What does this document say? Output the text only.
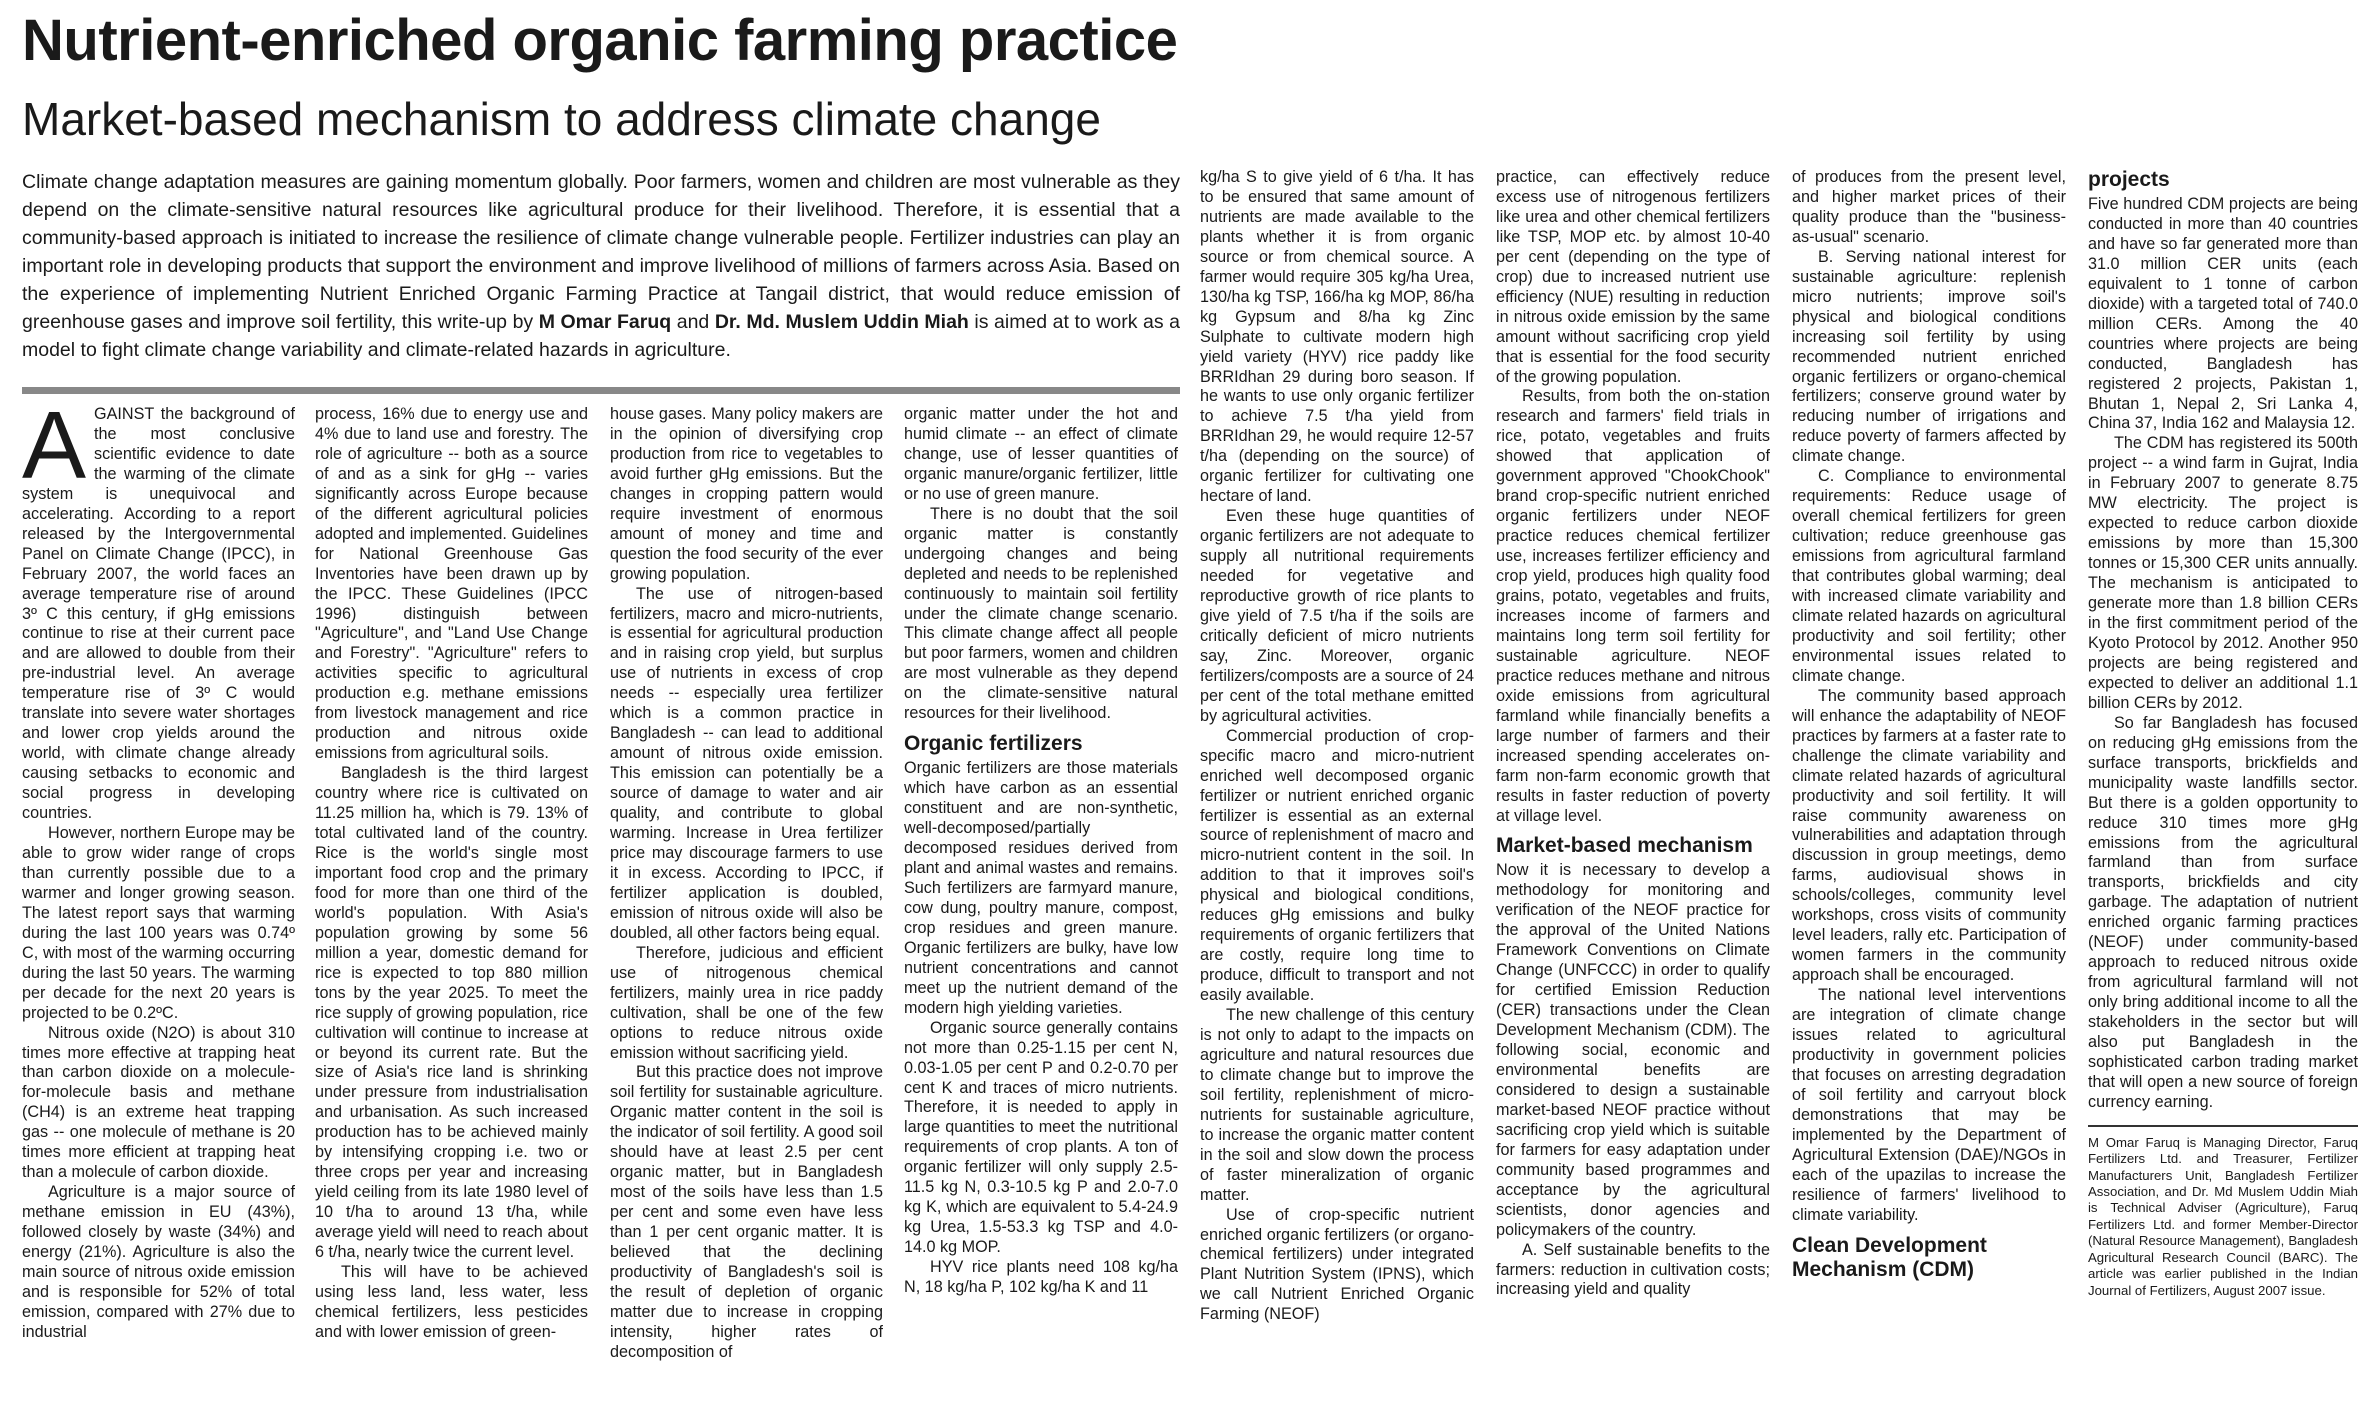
Nutrient-enriched organic farming practice
Market-based mechanism to address climate change

Climate change adaptation measures are gaining momentum globally. Poor farmers, women and children are most vulnerable as they depend on the climate-sensitive natural resources like agricultural produce for their livelihood. Therefore, it is essential that a community-based approach is initiated to increase the resilience of climate change vulnerable people. Fertilizer industries can play an important role in developing products that support the environment and improve livelihood of millions of farmers across Asia. Based on the experience of implementing Nutrient Enriched Organic Farming Practice at Tangail district, that would reduce emission of greenhouse gases and improve soil fertility, this write-up by M Omar Faruq and Dr. Md. Muslem Uddin Miah is aimed at to work as a model to fight climate change variability and climate-related hazards in agriculture.

AGAINST the background of the most conclusive scientific evidence to date the warming of the climate system is unequivocal and accelerating. According to a report released by the Intergovernmental Panel on Climate Change (IPCC), in February 2007, the world faces an average temperature rise of around 3º C this century, if gHg emissions continue to rise at their current pace and are allowed to double from their pre-industrial level. An average temperature rise of 3º C would translate into severe water shortages and lower crop yields around the world, with climate change already causing setbacks to economic and social progress in developing countries.

However, northern Europe may be able to grow wider range of crops than currently possible due to a warmer and longer growing season. The latest report says that warming during the last 100 years was 0.74º C, with most of the warming occurring during the last 50 years. The warming per decade for the next 20 years is projected to be 0.2ºC.

Nitrous oxide (N2O) is about 310 times more effective at trapping heat than carbon dioxide on a molecule-for-molecule basis and methane (CH4) is an extreme heat trapping gas -- one molecule of methane is 20 times more efficient at trapping heat than a molecule of carbon dioxide.

Agriculture is a major source of methane emission in EU (43%), followed closely by waste (34%) and energy (21%). Agriculture is also the main source of nitrous oxide emission and is responsible for 52% of total emission, compared with 27% due to industrial

process, 16% due to energy use and 4% due to land use and forestry. The role of agriculture -- both as a source of and as a sink for gHg -- varies significantly across Europe because of the different agricultural policies adopted and implemented. Guidelines for National Greenhouse Gas Inventories have been drawn up by the IPCC. These Guidelines (IPCC 1996) distinguish between "Agriculture", and "Land Use Change and Forestry". "Agriculture" refers to activities specific to agricultural production e.g. methane emissions from livestock management and rice production and nitrous oxide emissions from agricultural soils.

Bangladesh is the third largest country where rice is cultivated on 11.25 million ha, which is 79. 13% of total cultivated land of the country. Rice is the world's single most important food crop and the primary food for more than one third of the world's population. With Asia's population growing by some 56 million a year, domestic demand for rice is expected to top 880 million tons by the year 2025. To meet the rice supply of growing population, rice cultivation will continue to increase at or beyond its current rate. But the size of Asia's rice land is shrinking under pressure from industrialisation and urbanisation. As such increased production has to be achieved mainly by intensifying cropping i.e. two or three crops per year and increasing yield ceiling from its late 1980 level of 10 t/ha to around 13 t/ha, while average yield will need to reach about 6 t/ha, nearly twice the current level.

This will have to be achieved using less land, less water, less chemical fertilizers, less pesticides and with lower emission of green-

house gases. Many policy makers are in the opinion of diversifying crop production from rice to vegetables to avoid further gHg emissions. But the changes in cropping pattern would require investment of enormous amount of money and time and question the food security of the ever growing population.

The use of nitrogen-based fertilizers, macro and micro-nutrients, is essential for agricultural production and in raising crop yield, but surplus use of nutrients in excess of crop needs -- especially urea fertilizer which is a common practice in Bangladesh -- can lead to additional amount of nitrous oxide emission. This emission can potentially be a source of damage to water and air quality, and contribute to global warming. Increase in Urea fertilizer price may discourage farmers to use it in excess. According to IPCC, if fertilizer application is doubled, emission of nitrous oxide will also be doubled, all other factors being equal.

Therefore, judicious and efficient use of nitrogenous chemical fertilizers, mainly urea in rice paddy cultivation, shall be one of the few options to reduce nitrous oxide emission without sacrificing yield.

But this practice does not improve soil fertility for sustainable agriculture. Organic matter content in the soil is the indicator of soil fertility. A good soil should have at least 2.5 per cent organic matter, but in Bangladesh most of the soils have less than 1.5 per cent and some even have less than 1 per cent organic matter. It is believed that the declining productivity of Bangladesh's soil is the result of depletion of organic matter due to increase in cropping intensity, higher rates of decomposition of

organic matter under the hot and humid climate -- an effect of climate change, use of lesser quantities of organic manure/organic fertilizer, little or no use of green manure.

There is no doubt that the soil organic matter is constantly undergoing changes and being depleted and needs to be replenished continuously to maintain soil fertility under the climate change scenario. This climate change affect all people but poor farmers, women and children are most vulnerable as they depend on the climate-sensitive natural resources for their livelihood.

Organic fertilizers

Organic fertilizers are those materials which have carbon as an essential constituent and are non-synthetic, well-decomposed/partially decomposed residues derived from plant and animal wastes and remains. Such fertilizers are farmyard manure, cow dung, poultry manure, compost, crop residues and green manure. Organic fertilizers are bulky, have low nutrient concentrations and cannot meet up the nutrient demand of the modern high yielding varieties.

Organic source generally contains not more than 0.25-1.15 per cent N, 0.03-1.05 per cent P and 0.2-0.70 per cent K and traces of micro nutrients. Therefore, it is needed to apply in large quantities to meet the nutritional requirements of crop plants. A ton of organic fertilizer will only supply 2.5-11.5 kg N, 0.3-10.5 kg P and 2.0-7.0 kg K, which are equivalent to 5.4-24.9 kg Urea, 1.5-53.3 kg TSP and 4.0-14.0 kg MOP.

HYV rice plants need 108 kg/ha N, 18 kg/ha P, 102 kg/ha K and 11

kg/ha S to give yield of 6 t/ha. It has to be ensured that same amount of nutrients are made available to the plants whether it is from organic source or from chemical source. A farmer would require 305 kg/ha Urea, 130/ha kg TSP, 166/ha kg MOP, 86/ha kg Gypsum and 8/ha kg Zinc Sulphate to cultivate modern high yield variety (HYV) rice paddy like BRRIdhan 29 during boro season. If he wants to use only organic fertilizer to achieve 7.5 t/ha yield from BRRIdhan 29, he would require 12-57 t/ha (depending on the source) of organic fertilizer for cultivating one hectare of land.

Even these huge quantities of organic fertilizers are not adequate to supply all nutritional requirements needed for vegetative and reproductive growth of rice plants to give yield of 7.5 t/ha if the soils are critically deficient of micro nutrients say, Zinc. Moreover, organic fertilizers/composts are a source of 24 per cent of the total methane emitted by agricultural activities.

Commercial production of crop-specific macro and micro-nutrient enriched well decomposed organic fertilizer or nutrient enriched organic fertilizer is essential as an external source of replenishment of macro and micro-nutrient content in the soil. In addition to that it improves soil's physical and biological conditions, reduces gHg emissions and bulky requirements of organic fertilizers that are costly, require long time to produce, difficult to transport and not easily available.

The new challenge of this century is not only to adapt to the impacts on agriculture and natural resources due to climate change but to improve the soil fertility, replenishment of micro-nutrients for sustainable agriculture, to increase the organic matter content in the soil and slow down the process of faster mineralization of organic matter.

Use of crop-specific nutrient enriched organic fertilizers (or organo-chemical fertilizers) under integrated Plant Nutrition System (IPNS), which we call Nutrient Enriched Organic Farming (NEOF)

practice, can effectively reduce excess use of nitrogenous fertilizers like urea and other chemical fertilizers like TSP, MOP etc. by almost 10-40 per cent (depending on the type of crop) due to increased nutrient use efficiency (NUE) resulting in reduction in nitrous oxide emission by the same amount without sacrificing crop yield that is essential for the food security of the growing population.

Results, from both the on-station research and farmers' field trials in rice, potato, vegetables and fruits showed that application of government approved "ChookChook" brand crop-specific nutrient enriched organic fertilizers under NEOF practice reduces chemical fertilizer use, increases fertilizer efficiency and crop yield, produces high quality food grains, potato, vegetables and fruits, increases income of farmers and maintains long term soil fertility for sustainable agriculture. NEOF practice reduces methane and nitrous oxide emissions from agricultural farmland while financially benefits a large number of farmers and their increased spending accelerates on-farm non-farm economic growth that results in faster reduction of poverty at village level.

Market-based mechanism

Now it is necessary to develop a methodology for monitoring and verification of the NEOF practice for the approval of the United Nations Framework Conventions on Climate Change (UNFCCC) in order to qualify for certified Emission Reduction (CER) transactions under the Clean Development Mechanism (CDM). The following social, economic and environmental benefits are considered to design a sustainable market-based NEOF practice without sacrificing crop yield which is suitable for farmers for easy adaptation under community based programmes and acceptance by the agricultural scientists, donor agencies and policymakers of the country.

A. Self sustainable benefits to the farmers: reduction in cultivation costs; increasing yield and quality

of produces from the present level, and higher market prices of their quality produce than the "business-as-usual" scenario.

B. Serving national interest for sustainable agriculture: replenish micro nutrients; improve soil's physical and biological conditions increasing soil fertility by using recommended nutrient enriched organic fertilizers or organo-chemical fertilizers; conserve ground water by reducing number of irrigations and reduce poverty of farmers affected by climate change.

C. Compliance to environmental requirements: Reduce usage of overall chemical fertilizers for green cultivation; reduce greenhouse gas emissions from agricultural farmland that contributes global warming; deal with increased climate variability and climate related hazards on agricultural productivity and soil fertility; other environmental issues related to climate change.

The community based approach will enhance the adaptability of NEOF practices by farmers at a faster rate to challenge the climate variability and climate related hazards of agricultural productivity and soil fertility. It will raise community awareness on vulnerabilities and adaptation through discussion in group meetings, demo farms, audiovisual shows in schools/colleges, community level workshops, cross visits of community level leaders, rally etc. Participation of women farmers in the community approach shall be encouraged.

The national level interventions are integration of climate change issues related to agricultural productivity in government policies that focuses on arresting degradation of soil fertility and carryout block demonstrations that may be implemented by the Department of Agricultural Extension (DAE)/NGOs in each of the upazilas to increase the resilience of farmers' livelihood to climate variability.

Clean Development Mechanism (CDM)
projects

Five hundred CDM projects are being conducted in more than 40 countries and have so far generated more than 31.0 million CER units (each equivalent to 1 tonne of carbon dioxide) with a targeted total of 740.0 million CERs. Among the 40 countries where projects are being conducted, Bangladesh has registered 2 projects, Pakistan 1, Bhutan 1, Nepal 2, Sri Lanka 4, China 37, India 162 and Malaysia 12.

The CDM has registered its 500th project -- a wind farm in Gujrat, India in February 2007 to generate 8.75 MW electricity. The project is expected to reduce carbon dioxide emissions by more than 15,300 tonnes or 15,300 CER units annually. The mechanism is anticipated to generate more than 1.8 billion CERs in the first commitment period of the Kyoto Protocol by 2012. Another 950 projects are being registered and expected to deliver an additional 1.1 billion CERs by 2012.

So far Bangladesh has focused on reducing gHg emissions from the surface transports, brickfields and municipality waste landfills sector. But there is a golden opportunity to reduce 310 times more gHg emissions from the agricultural farmland than from surface transports, brickfields and city garbage. The adaptation of nutrient enriched organic farming practices (NEOF) under community-based approach to reduced nitrous oxide from agricultural farmland will not only bring additional income to all the stakeholders in the sector but will also put Bangladesh in the sophisticated carbon trading market that will open a new source of foreign currency earning.

M Omar Faruq is Managing Director, Faruq Fertilizers Ltd. and Treasurer, Fertilizer Manufacturers Unit, Bangladesh Fertilizer Association, and Dr. Md Muslem Uddin Miah is Technical Adviser (Agriculture), Faruq Fertilizers Ltd. and former Member-Director (Natural Resource Management), Bangladesh Agricultural Research Council (BARC). The article was earlier published in the Indian Journal of Fertilizers, August 2007 issue.
